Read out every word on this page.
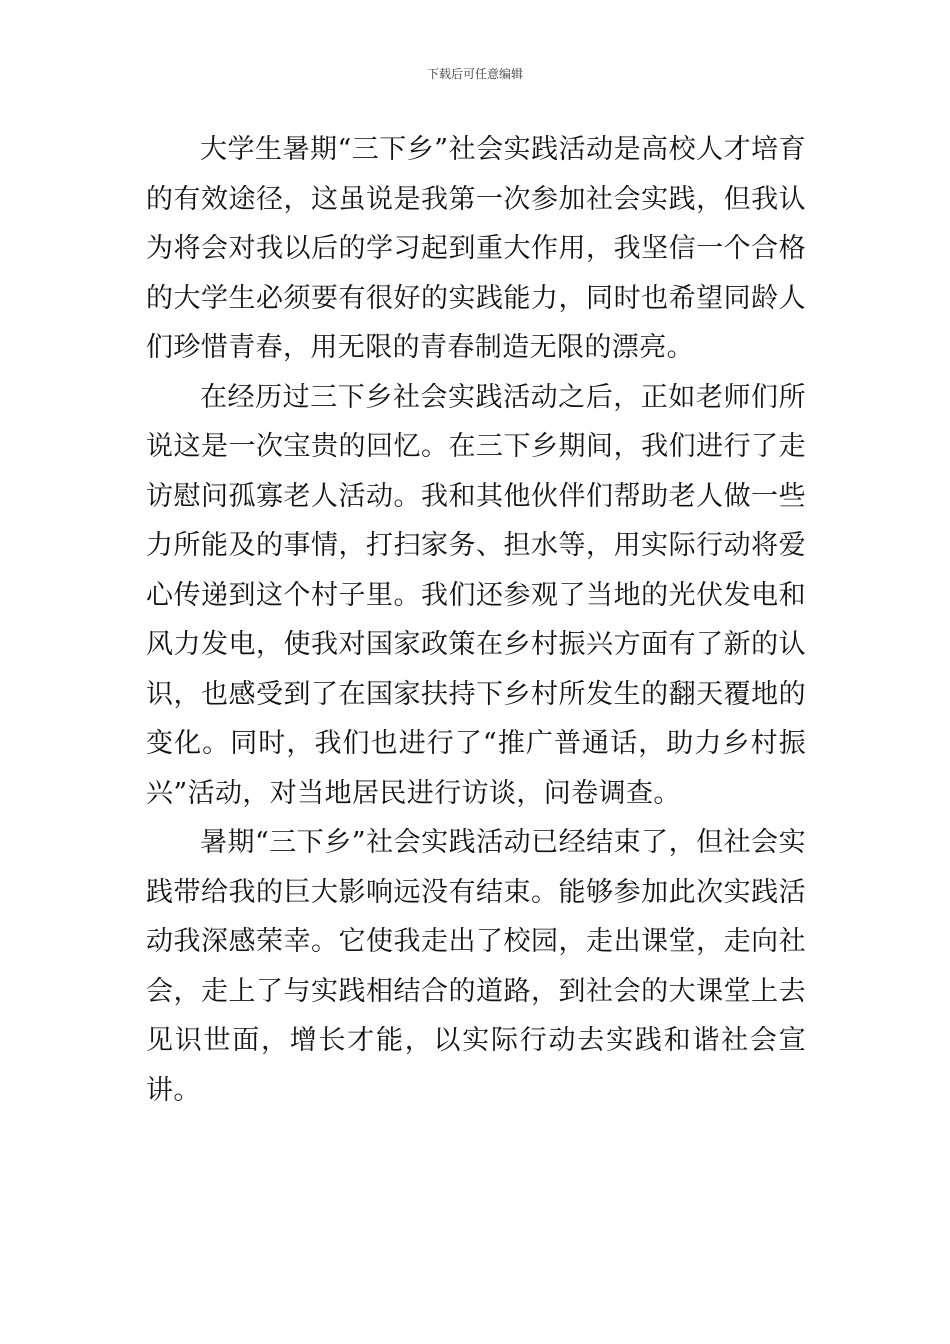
下载后可任意编辑

大学生暑期“三下乡”社会实践活动是高校人才培育的有效途径，这虽说是我第一次参加社会实践，但我认为将会对我以后的学习起到重大作用，我坚信一个合格的大学生必须要有很好的实践能力，同时也希望同龄人们珍惜青春，用无限的青春制造无限的漂亮。

在经历过三下乡社会实践活动之后，正如老师们所说这是一次宝贵的回忆。在三下乡期间，我们进行了走访慰问孤寡老人活动。我和其他伙伴们帮助老人做一些力所能及的事情，打扫家务、担水等，用实际行动将爱心传递到这个村子里。我们还参观了当地的光伏发电和风力发电，使我对国家政策在乡村振兴方面有了新的认识，也感受到了在国家扶持下乡村所发生的翻天覆地的变化。同时，我们也进行了“推广普通话，助力乡村振兴”活动，对当地居民进行访谈，问卷调查。

暑期“三下乡”社会实践活动已经结束了，但社会实践带给我的巨大影响远没有结束。能够参加此次实践活动我深感荣幸。它使我走出了校园，走出课堂，走向社会，走上了与实践相结合的道路，到社会的大课堂上去见识世面，增长才能，以实际行动去实践和谐社会宣讲。
